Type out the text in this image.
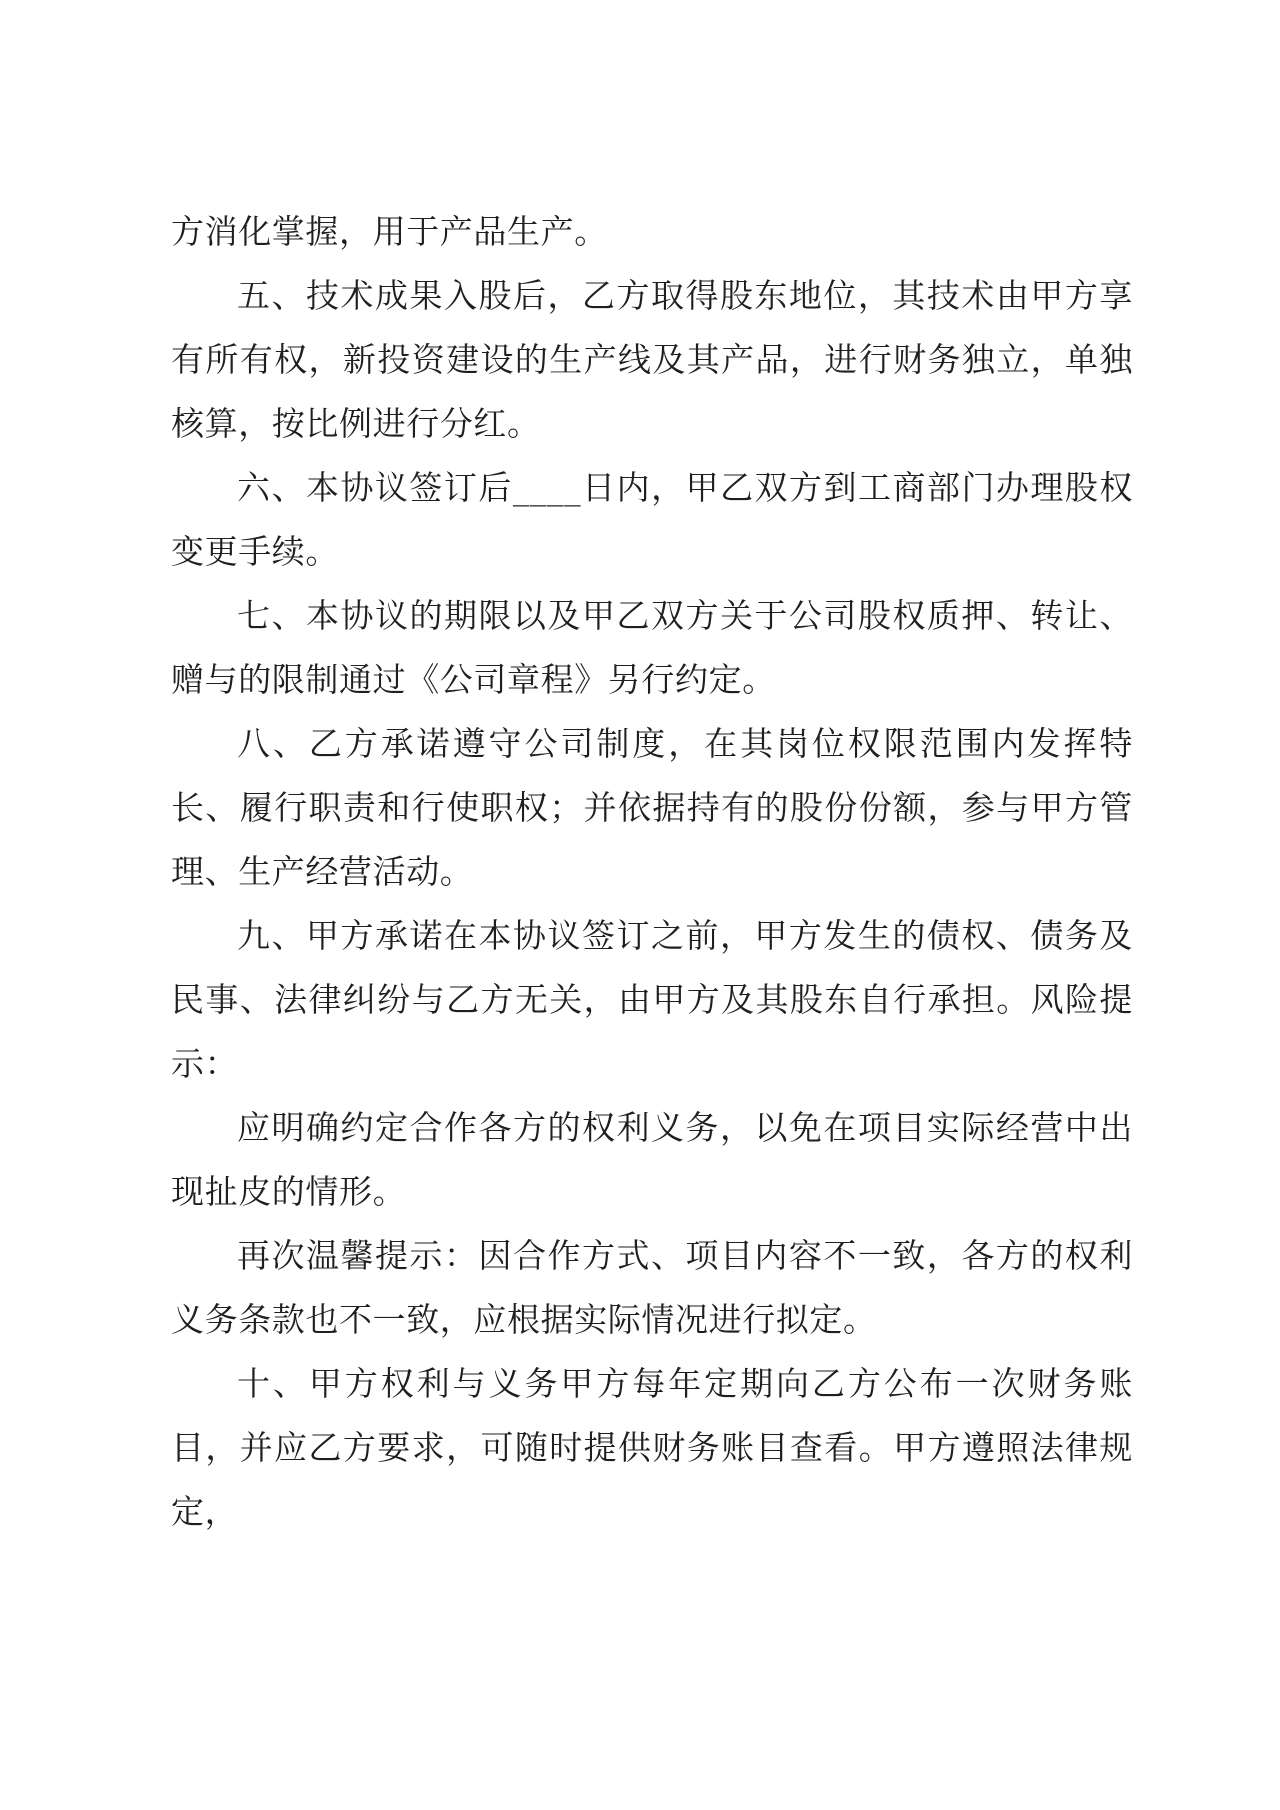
方消化掌握，用于产品生产。

五、技术成果入股后，乙方取得股东地位，其技术由甲方享有所有权，新投资建设的生产线及其产品，进行财务独立，单独核算，按比例进行分红。

六、本协议签订后____日内，甲乙双方到工商部门办理股权变更手续。

七、本协议的期限以及甲乙双方关于公司股权质押、转让、赠与的限制通过《公司章程》另行约定。

八、乙方承诺遵守公司制度，在其岗位权限范围内发挥特长、履行职责和行使职权；并依据持有的股份份额，参与甲方管理、生产经营活动。

九、甲方承诺在本协议签订之前，甲方发生的债权、债务及民事、法律纠纷与乙方无关，由甲方及其股东自行承担。风险提示：

应明确约定合作各方的权利义务，以免在项目实际经营中出现扯皮的情形。

再次温馨提示：因合作方式、项目内容不一致，各方的权利义务条款也不一致，应根据实际情况进行拟定。

十、甲方权利与义务甲方每年定期向乙方公布一次财务账目，并应乙方要求，可随时提供财务账目查看。甲方遵照法律规定，
